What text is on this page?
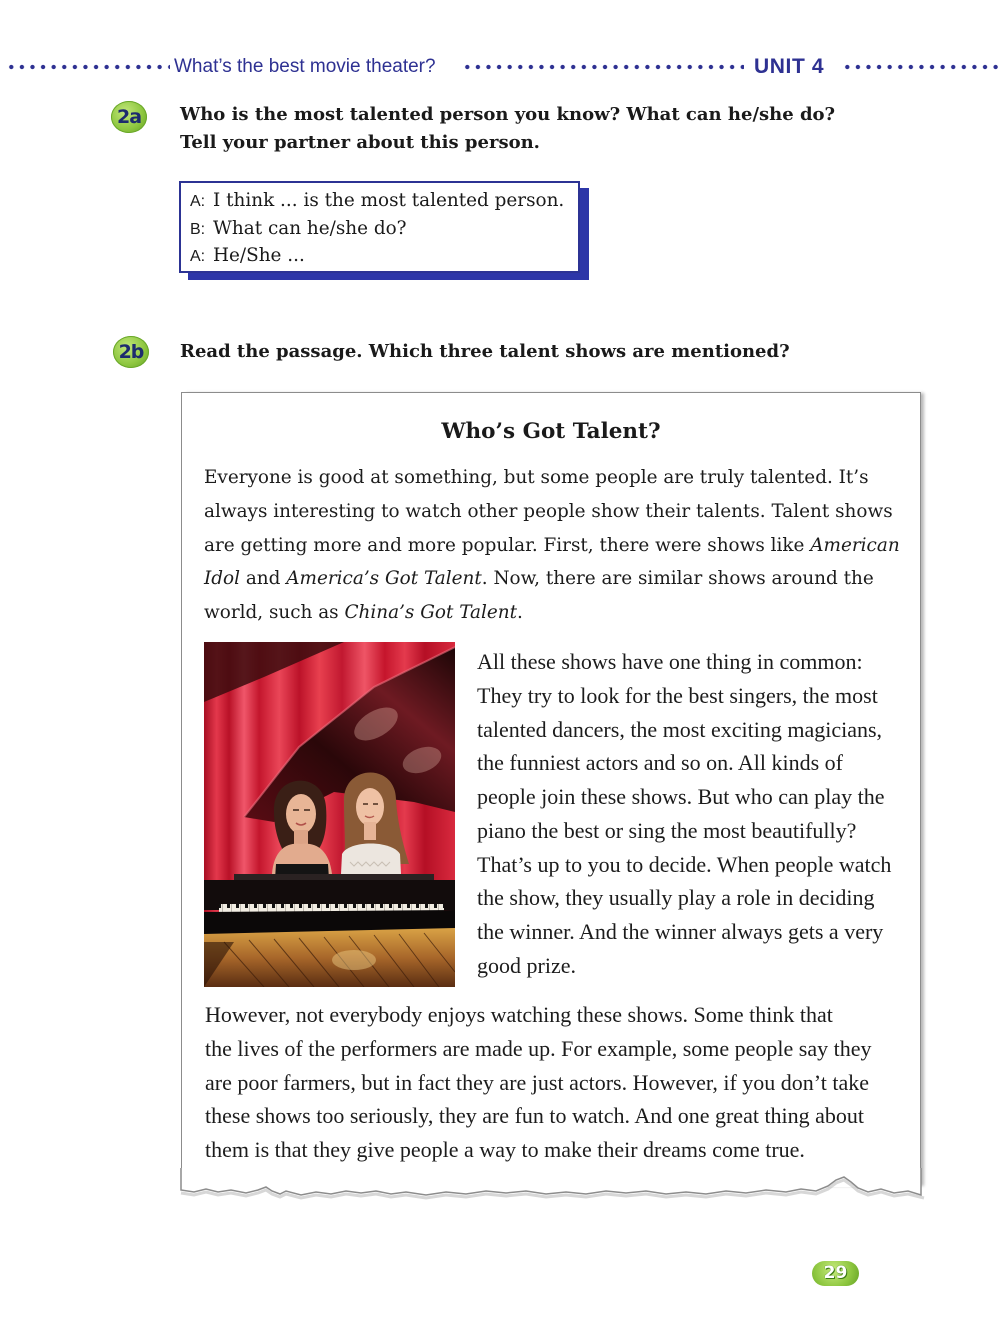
What’s the best movie theater?	UNIT 4
2a	Who is the most talented person you know? What can he/she do?
Tell your partner about this person.
A: I think ... is the most talented person.
B: What can he/she do?
A: He/She ...
2b	Read the passage. Which three talent shows are mentioned?
Who’s Got Talent?
Everyone is good at something, but some people are truly talented. It’s
always interesting to watch other people show their talents. Talent shows
are getting more and more popular. First, there were shows like American
Idol and America’s Got Talent. Now, there are similar shows around the
world, such as China’s Got Talent.
All these shows have one thing in common:
They try to look for the best singers, the most
talented dancers, the most exciting magicians,
the funniest actors and so on. All kinds of
people join these shows. But who can play the
piano the best or sing the most beautifully?
That’s up to you to decide. When people watch
the show, they usually play a role in deciding
the winner. And the winner always gets a very
good prize.
However, not everybody enjoys watching these shows. Some think that
the lives of the performers are made up. For example, some people say they
are poor farmers, but in fact they are just actors. However, if you don’t take
these shows too seriously, they are fun to watch. And one great thing about
them is that they give people a way to make their dreams come true.
29
